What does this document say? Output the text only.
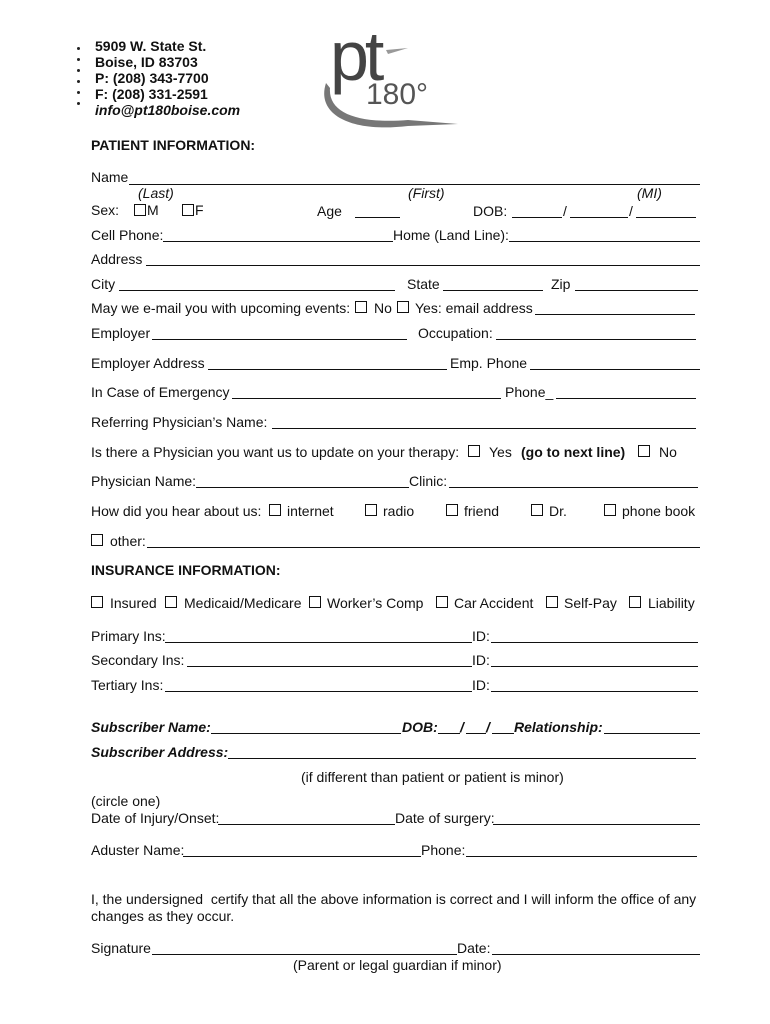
5909 W. State St.
Boise, ID 83703
P: (208) 343-7700
F: (208) 331-2591
info@pt180boise.com
pt
180°
PATIENT INFORMATION:
Name
(Last)	(First)	(MI)
Sex: M	F	Age	DOB:	/	/
Cell Phone:	Home (Land Line):
Address
City	State	Zip
May we e-mail you with upcoming events: No Yes: email address
Employer	Occupation:
Employer Address	Emp. Phone
In Case of Emergency	Phone_
Referring Physician’s Name:
Is there a Physician you want us to update on your therapy: Yes (go to next line) No
Physician Name:	Clinic:
How did you hear about us: internet	radio	friend	Dr.	phone book
other:
INSURANCE INFORMATION:
Insured Medicaid/Medicare Worker’s Comp Car Accident Self-Pay Liability
Primary Ins:	ID:
Secondary Ins:	ID:
Tertiary Ins:	ID:
Subscriber Name:	DOB: / / Relationship:
Subscriber Address:
(if different than patient or patient is minor)
(circle one)
Date of Injury/Onset:	Date of surgery:
Aduster Name:	Phone:
I, the undersigned  certify that all the above information is correct and I will inform the office of any
changes as they occur.
Signature	Date:
(Parent or legal guardian if minor)
